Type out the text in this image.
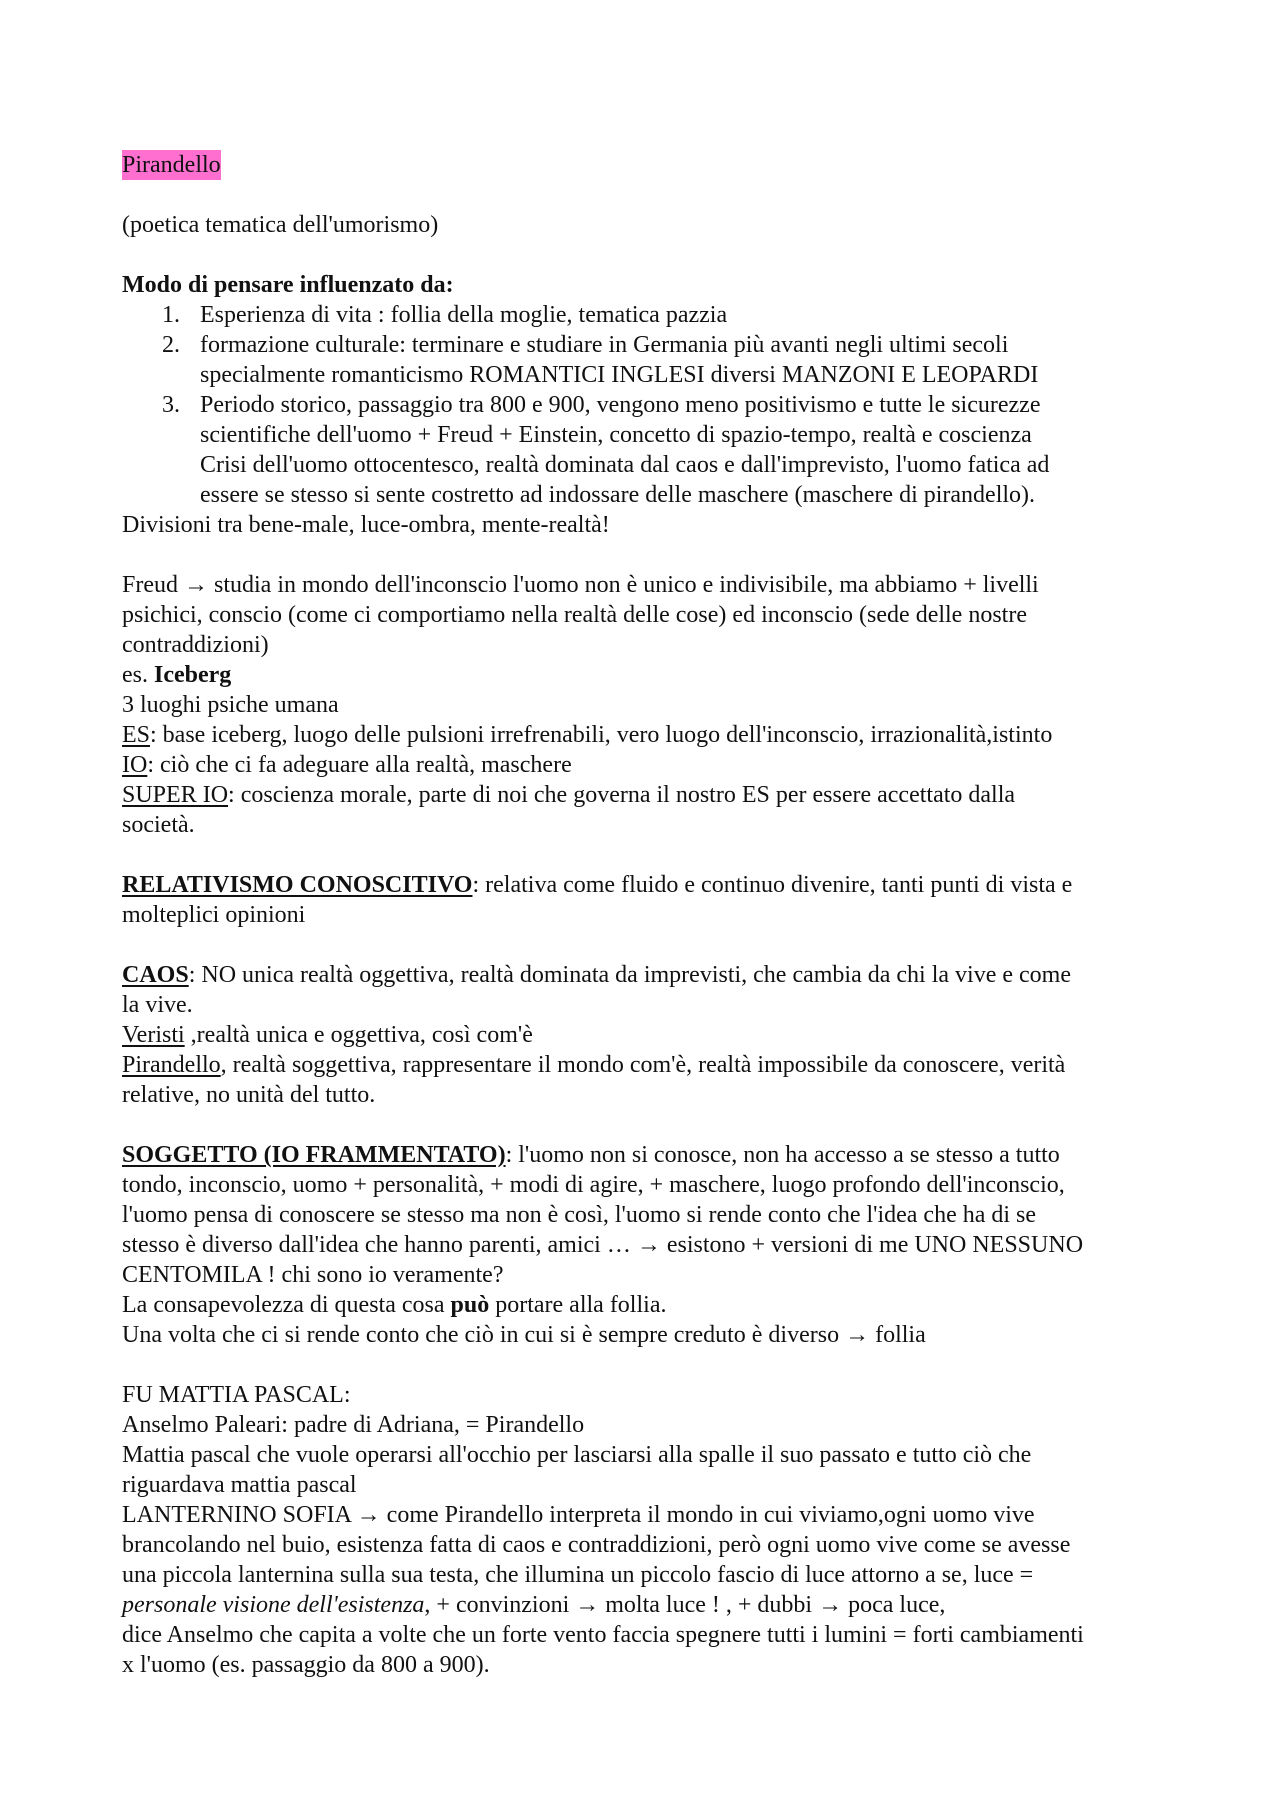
Pirandello

(poetica tematica dell'umorismo)

Modo di pensare influenzato da:

1. Esperienza di vita : follia della moglie, tematica pazzia
2. formazione culturale: terminare e studiare in Germania più avanti negli ultimi secoli
specialmente romanticismo ROMANTICI INGLESI diversi MANZONI E LEOPARDI
3. Periodo storico, passaggio tra 800 e 900, vengono meno positivismo e tutte le sicurezze
scientifiche dell'uomo + Freud + Einstein, concetto di spazio-tempo, realtà e coscienza
Crisi dell'uomo ottocentesco, realtà dominata dal caos e dall'imprevisto, l'uomo fatica ad
essere se stesso si sente costretto ad indossare delle maschere (maschere di pirandello).

Divisioni tra bene-male, luce-ombra, mente-realtà!

Freud → studia in mondo dell'inconscio l'uomo non è unico e indivisibile, ma abbiamo + livelli

psichici, conscio (come ci comportiamo nella realtà delle cose) ed inconscio (sede delle nostre

contraddizioni)

es. Iceberg

3 luoghi psiche umana

ES: base iceberg, luogo delle pulsioni irrefrenabili, vero luogo dell'inconscio, irrazionalità,istinto

IO: ciò che ci fa adeguare alla realtà, maschere

SUPER IO: coscienza morale, parte di noi che governa il nostro ES per essere accettato dalla

società.

RELATIVISMO CONOSCITIVO: relativa come fluido e continuo divenire, tanti punti di vista e

molteplici opinioni

CAOS: NO unica realtà oggettiva, realtà dominata da imprevisti, che cambia da chi la vive e come

la vive.

Veristi ,realtà unica e oggettiva, così com'è

Pirandello, realtà soggettiva, rappresentare il mondo com'è, realtà impossibile da conoscere, verità

relative, no unità del tutto.

SOGGETTO (IO FRAMMENTATO): l'uomo non si conosce, non ha accesso a se stesso a tutto

tondo, inconscio, uomo + personalità, + modi di agire, + maschere, luogo profondo dell'inconscio,

l'uomo pensa di conoscere se stesso ma non è così, l'uomo si rende conto che l'idea che ha di se

stesso è diverso dall'idea che hanno parenti, amici … → esistono + versioni di me UNO NESSUNO

CENTOMILA ! chi sono io veramente?

La consapevolezza di questa cosa può portare alla follia.

Una volta che ci si rende conto che ciò in cui si è sempre creduto è diverso → follia

FU MATTIA PASCAL:

Anselmo Paleari: padre di Adriana, = Pirandello

Mattia pascal che vuole operarsi all'occhio per lasciarsi alla spalle il suo passato e tutto ciò che

riguardava mattia pascal

LANTERNINO SOFIA → come Pirandello interpreta il mondo in cui viviamo,ogni uomo vive

brancolando nel buio, esistenza fatta di caos e contraddizioni, però ogni uomo vive come se avesse

una piccola lanternina sulla sua testa, che illumina un piccolo fascio di luce attorno a se, luce =

personale visione dell'esistenza, + convinzioni → molta luce ! , + dubbi → poca luce,

dice Anselmo che capita a volte che un forte vento faccia spegnere tutti i lumini = forti cambiamenti

x l'uomo (es. passaggio da 800 a 900).
